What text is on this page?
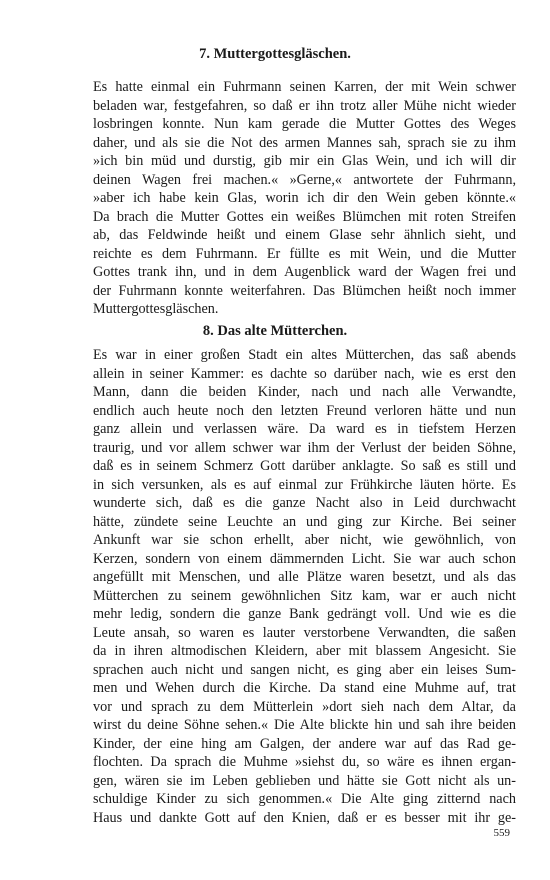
7. Muttergottesgläschen.
Es hatte einmal ein Fuhrmann seinen Karren, der mit Wein schwer
beladen war, festgefahren, so daß er ihn trotz aller Mühe nicht wieder
losbringen konnte. Nun kam gerade die Mutter Gottes des Weges
daher, und als sie die Not des armen Mannes sah, sprach sie zu ihm
»ich bin müd und durstig, gib mir ein Glas Wein, und ich will dir
deinen Wagen frei machen.« »Gerne,« antwortete der Fuhrmann,
»aber ich habe kein Glas, worin ich dir den Wein geben könnte.«
Da brach die Mutter Gottes ein weißes Blümchen mit roten Streifen
ab, das Feldwinde heißt und einem Glase sehr ähnlich sieht, und
reichte es dem Fuhrmann. Er füllte es mit Wein, und die Mutter
Gottes trank ihn, und in dem Augenblick ward der Wagen frei und
der Fuhrmann konnte weiterfahren. Das Blümchen heißt noch immer
Muttergottesgläschen.
8. Das alte Mütterchen.
Es war in einer großen Stadt ein altes Mütterchen, das saß abends
allein in seiner Kammer: es dachte so darüber nach, wie es erst den
Mann, dann die beiden Kinder, nach und nach alle Verwandte,
endlich auch heute noch den letzten Freund verloren hätte und nun
ganz allein und verlassen wäre. Da ward es in tiefstem Herzen
traurig, und vor allem schwer war ihm der Verlust der beiden Söhne,
daß es in seinem Schmerz Gott darüber anklagte. So saß es still und
in sich versunken, als es auf einmal zur Frühkirche läuten hörte. Es
wunderte sich, daß es die ganze Nacht also in Leid durchwacht
hätte, zündete seine Leuchte an und ging zur Kirche. Bei seiner
Ankunft war sie schon erhellt, aber nicht, wie gewöhnlich, von
Kerzen, sondern von einem dämmernden Licht. Sie war auch schon
angefüllt mit Menschen, und alle Plätze waren besetzt, und als das
Mütterchen zu seinem gewöhnlichen Sitz kam, war er auch nicht
mehr ledig, sondern die ganze Bank gedrängt voll. Und wie es die
Leute ansah, so waren es lauter verstorbene Verwandten, die saßen
da in ihren altmodischen Kleidern, aber mit blassem Angesicht. Sie
sprachen auch nicht und sangen nicht, es ging aber ein leises Sum-
men und Wehen durch die Kirche. Da stand eine Muhme auf, trat
vor und sprach zu dem Mütterlein »dort sieh nach dem Altar, da
wirst du deine Söhne sehen.« Die Alte blickte hin und sah ihre beiden
Kinder, der eine hing am Galgen, der andere war auf das Rad ge-
flochten. Da sprach die Muhme »siehst du, so wäre es ihnen ergan-
gen, wären sie im Leben geblieben und hätte sie Gott nicht als un-
schuldige Kinder zu sich genommen.« Die Alte ging zitternd nach
Haus und dankte Gott auf den Knien, daß er es besser mit ihr ge-
559
